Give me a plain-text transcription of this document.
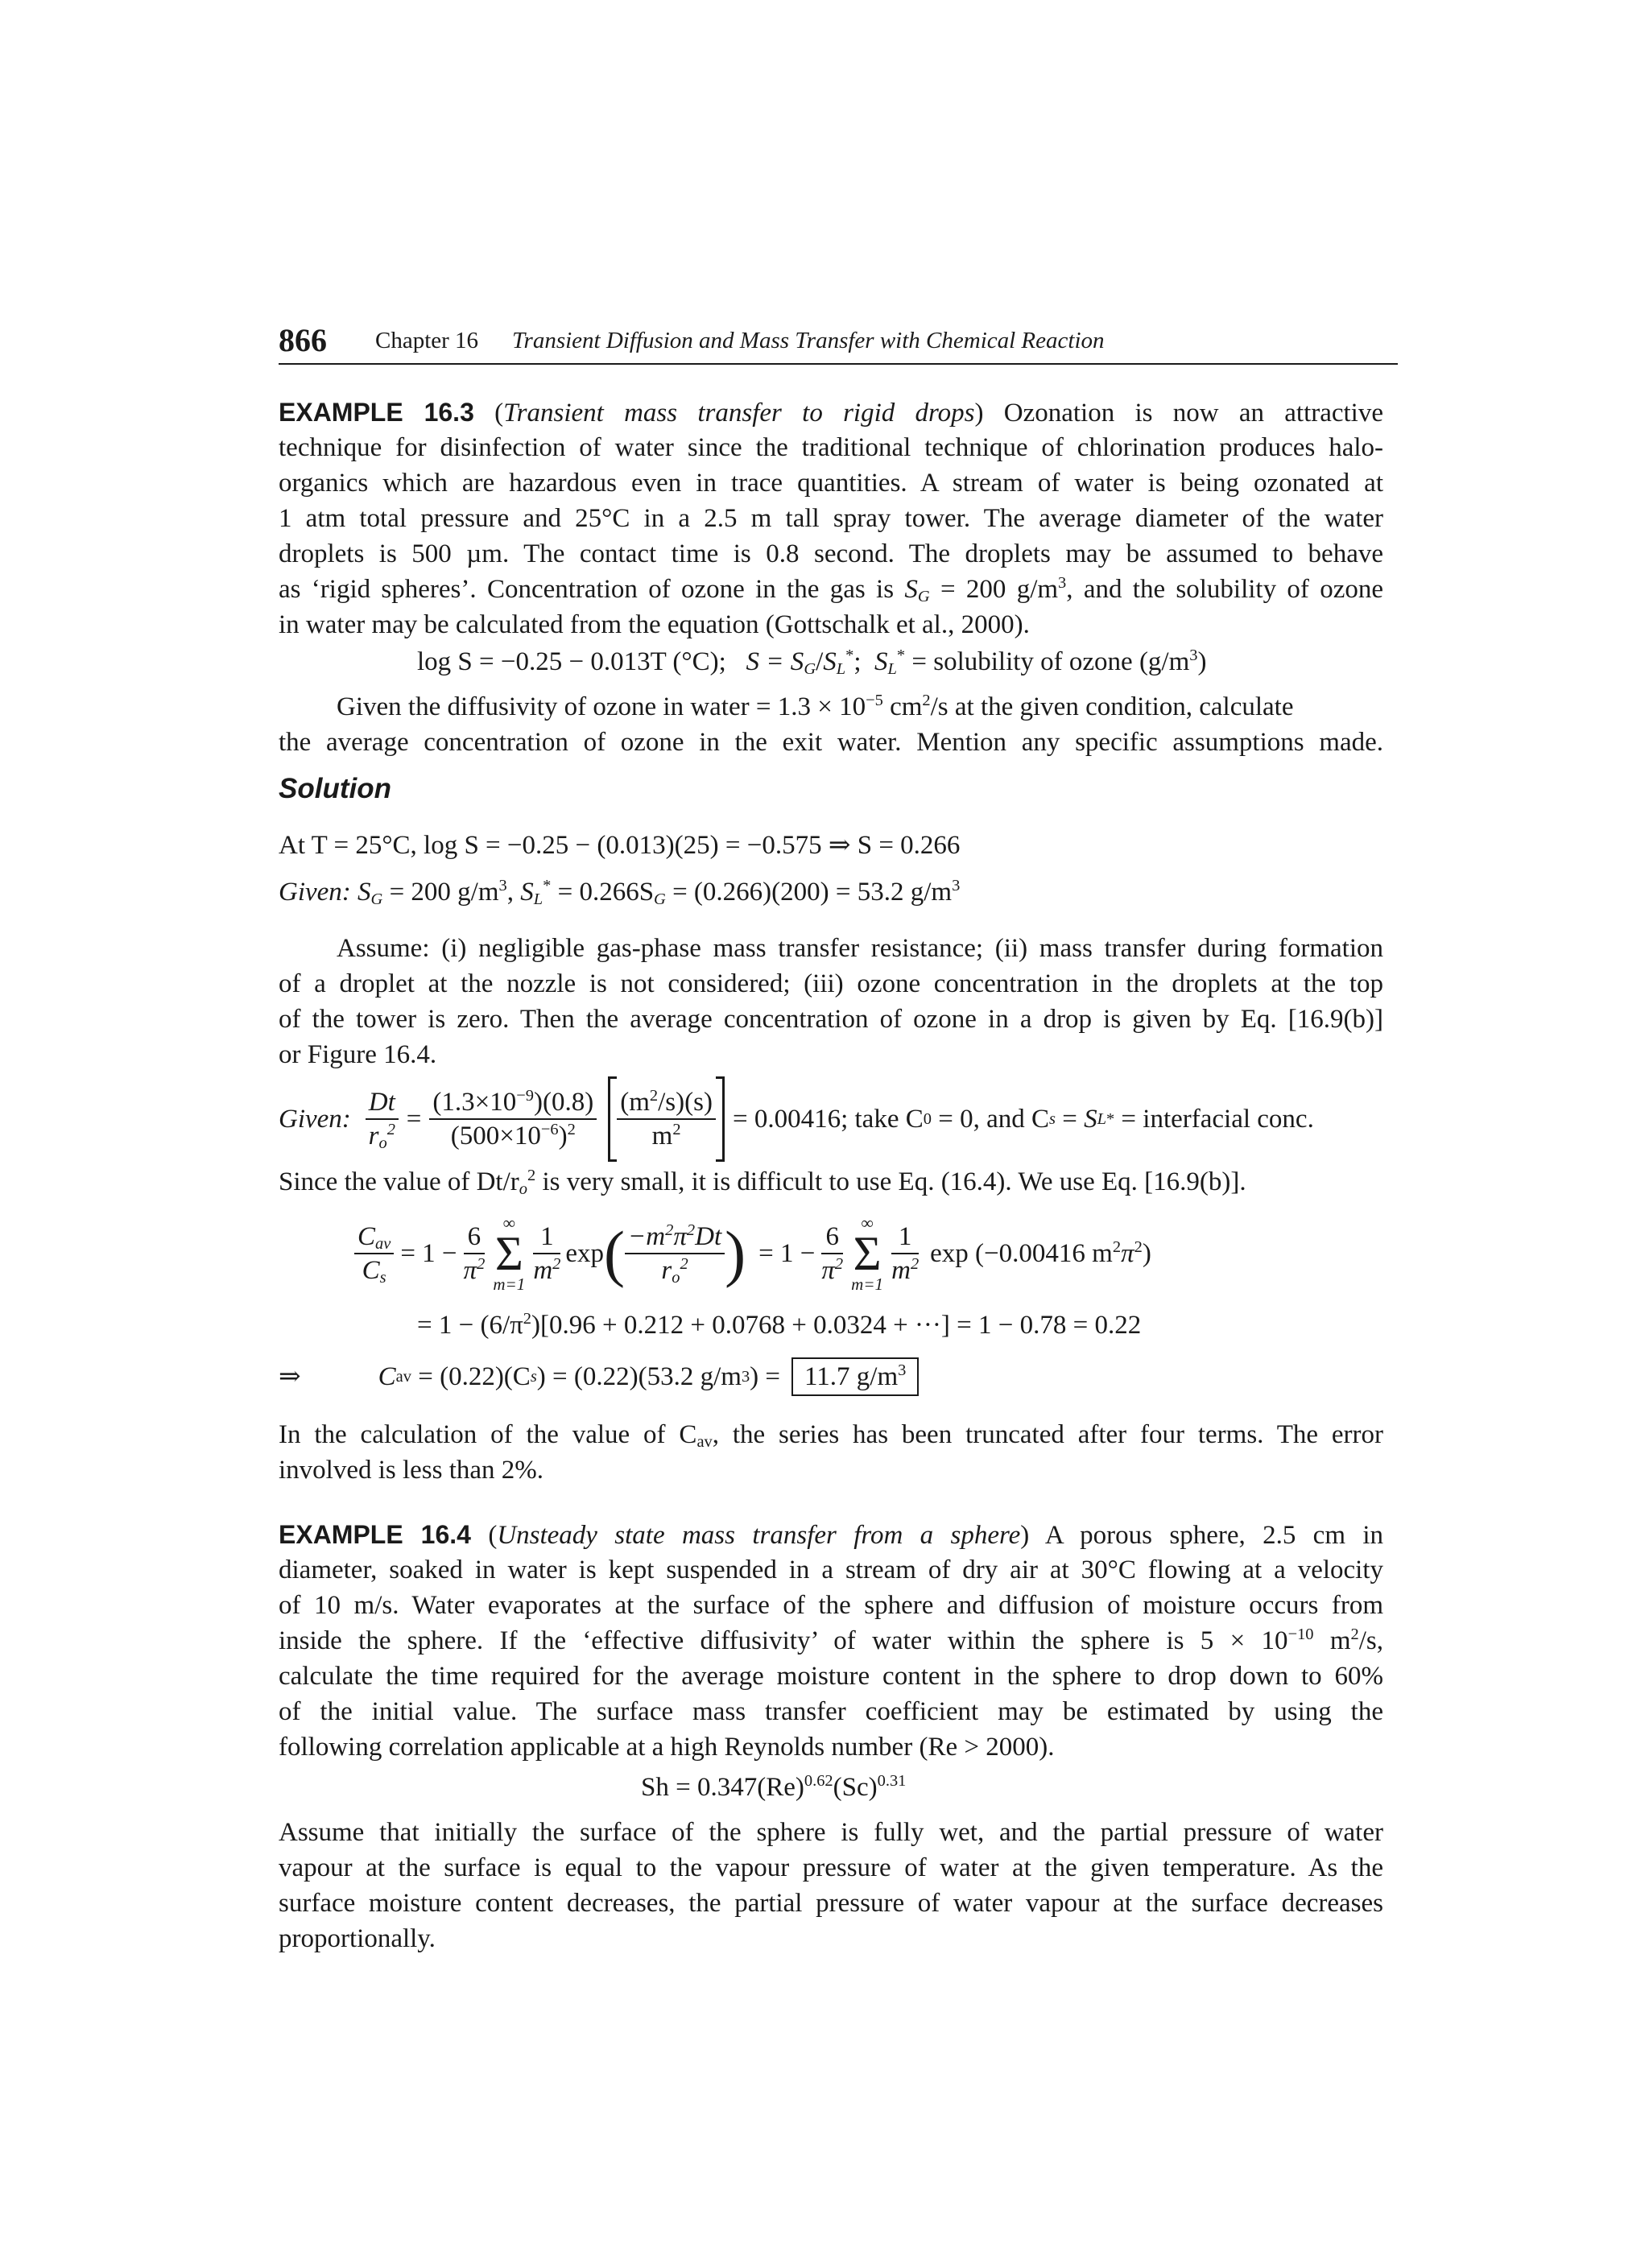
866 Chapter 16 Transient Diffusion and Mass Transfer with Chemical Reaction
EXAMPLE 16.3 (Transient mass transfer to rigid drops) Ozonation is now an attractive
technique for disinfection of water since the traditional technique of chlorination produces halo-
organics which are hazardous even in trace quantities. A stream of water is being ozonated at
1 atm total pressure and 25°C in a 2.5 m tall spray tower. The average diameter of the water
droplets is 500 µm. The contact time is 0.8 second. The droplets may be assumed to behave
as ‘rigid spheres’. Concentration of ozone in the gas is $S_G = 200$ $g/m^3$, and the solubility of ozone
in water may be calculated from the equation (Gottschalk et al., 2000).
log S = −0.25 − 0.013T (°C); $S = S_G/S_L^*$;  $S_L^*$ = solubility of ozone $(g/m^3)$
Given the diffusivity of ozone in water = $1.3 \times 10^{-5}$ $cm^2/s$ at the given condition, calculate
the average concentration of ozone in the exit water. Mention any specific assumptions made.
Solution
At T = 25°C, log S = −0.25 − (0.013)(25) = −0.575 ⇒ S = 0.266
Given: $S_G = 200$ $g/m^3$, $S_L^* = 0.266S_G = (0.266)(200) = 53.2$ $g/m^3$
Assume: (i) negligible gas-phase mass transfer resistance; (ii) mass transfer during formation
of a droplet at the nozzle is not considered; (iii) ozone concentration in the droplets at the top
of the tower is zero. Then the average concentration of ozone in a drop is given by Eq. [16.9(b)]
or Figure 16.4.
Given: $\frac{Dt}{r_o^2} = \frac{(1.3\times 10^{-9})(0.8)}{(500\times 10^{-6})^2} \frac{(m^2/s)(s)}{m^2} = 0.00416$; take C 0
= 0, and C s = S L *
= interfacial conc.
Since the value of $Dt/r_o^2$ is very small, it is difficult to use Eq. (16.4). We use Eq. [16.9(b)].
$\frac{C_{av}}{C_s} = 1 - \frac{6}{\pi^2}$	∞
Σ
$m=1 \frac{1}{m^2}$ exp ( $\frac{-m^2\pi^2Dt}{r_o^2}$ ) = $1 - \frac{6}{\pi^2}$	∞
Σ
$m=1 \frac{1}{m^2}$ exp (−0.00416 $m^2\pi^2$)
= $1 - (6/\pi^2)[0.96 + 0.212 + 0.0768 + 0.0324$ + ···] = 1 − 0.78 = 0.22
⇒	C av
= (0.22)(C s ) = (0.22)(53.2 g/m 3 ) = 11.7 $g/m^3$
In the calculation of the value of $C_{av}$, the series has been truncated after four terms. The error
involved is less than 2%.
EXAMPLE 16.4 (Unsteady state mass transfer from a sphere) A porous sphere, 2.5 cm in
diameter, soaked in water is kept suspended in a stream of dry air at 30°C flowing at a velocity
of 10 m/s. Water evaporates at the surface of the sphere and diffusion of moisture occurs from
inside the sphere. If the ‘effective diffusivity’ of water within the sphere is $5 \times 10^{-10}$ $m^2/s$,
calculate the time required for the average moisture content in the sphere to drop down to 60%
of the initial value. The surface mass transfer coefficient may be estimated by using the
following correlation applicable at a high Reynolds number (Re > 2000).
$Sh = 0.347(Re)^{0.62}(Sc)^{0.31}$
Assume that initially the surface of the sphere is fully wet, and the partial pressure of water
vapour at the surface is equal to the vapour pressure of water at the given temperature. As the
surface moisture content decreases, the partial pressure of water vapour at the surface decreases
proportionally.
